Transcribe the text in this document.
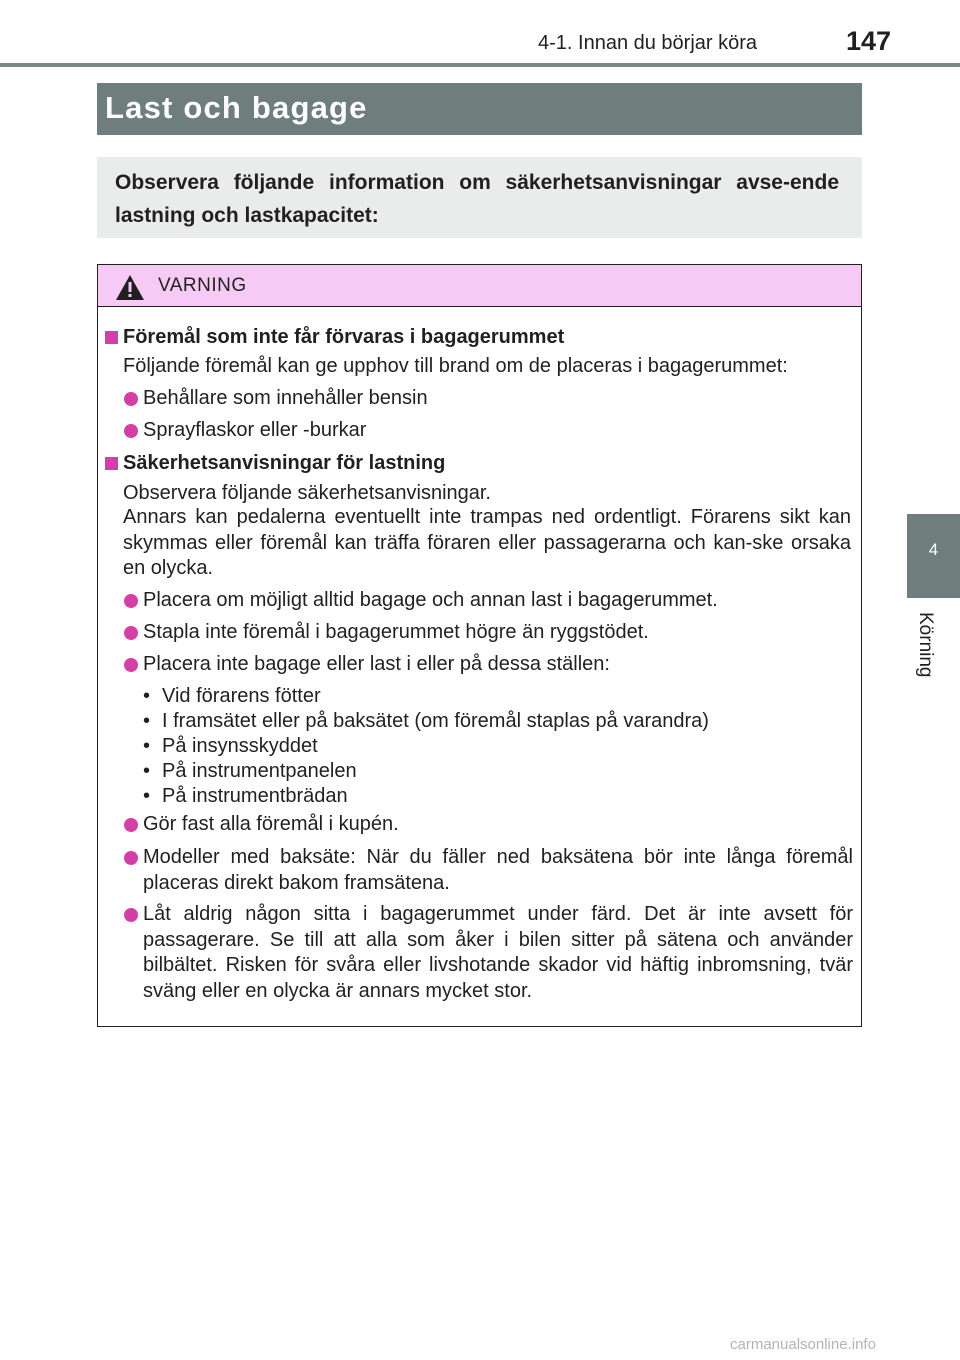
4-1. Innan du börjar köra	147
4
Körning
Last och bagage
Observera följande information om säkerhetsanvisningar avse-ende lastning och lastkapacitet:
VARNING
Föremål som inte får förvaras i bagagerummet
Följande föremål kan ge upphov till brand om de placeras i bagagerummet:
Behållare som innehåller bensin
Sprayflaskor eller -burkar
Säkerhetsanvisningar för lastning
Observera följande säkerhetsanvisningar.
Annars kan pedalerna eventuellt inte trampas ned ordentligt. Förarens sikt kan skymmas eller föremål kan träffa föraren eller passagerarna och kan-ske orsaka en olycka.
Placera om möjligt alltid bagage och annan last i bagagerummet.
Stapla inte föremål i bagagerummet högre än ryggstödet.
Placera inte bagage eller last i eller på dessa ställen:
• Vid förarens fötter
• I framsätet eller på baksätet (om föremål staplas på varandra)
• På insynsskyddet
• På instrumentpanelen
• På instrumentbrädan
Gör fast alla föremål i kupén.
Modeller med baksäte: När du fäller ned baksätena bör inte långa föremål placeras direkt bakom framsätena.
Låt aldrig någon sitta i bagagerummet under färd. Det är inte avsett för passagerare. Se till att alla som åker i bilen sitter på sätena och använder bilbältet. Risken för svåra eller livshotande skador vid häftig inbromsning, tvär sväng eller en olycka är annars mycket stor.
carmanualsonline.info
